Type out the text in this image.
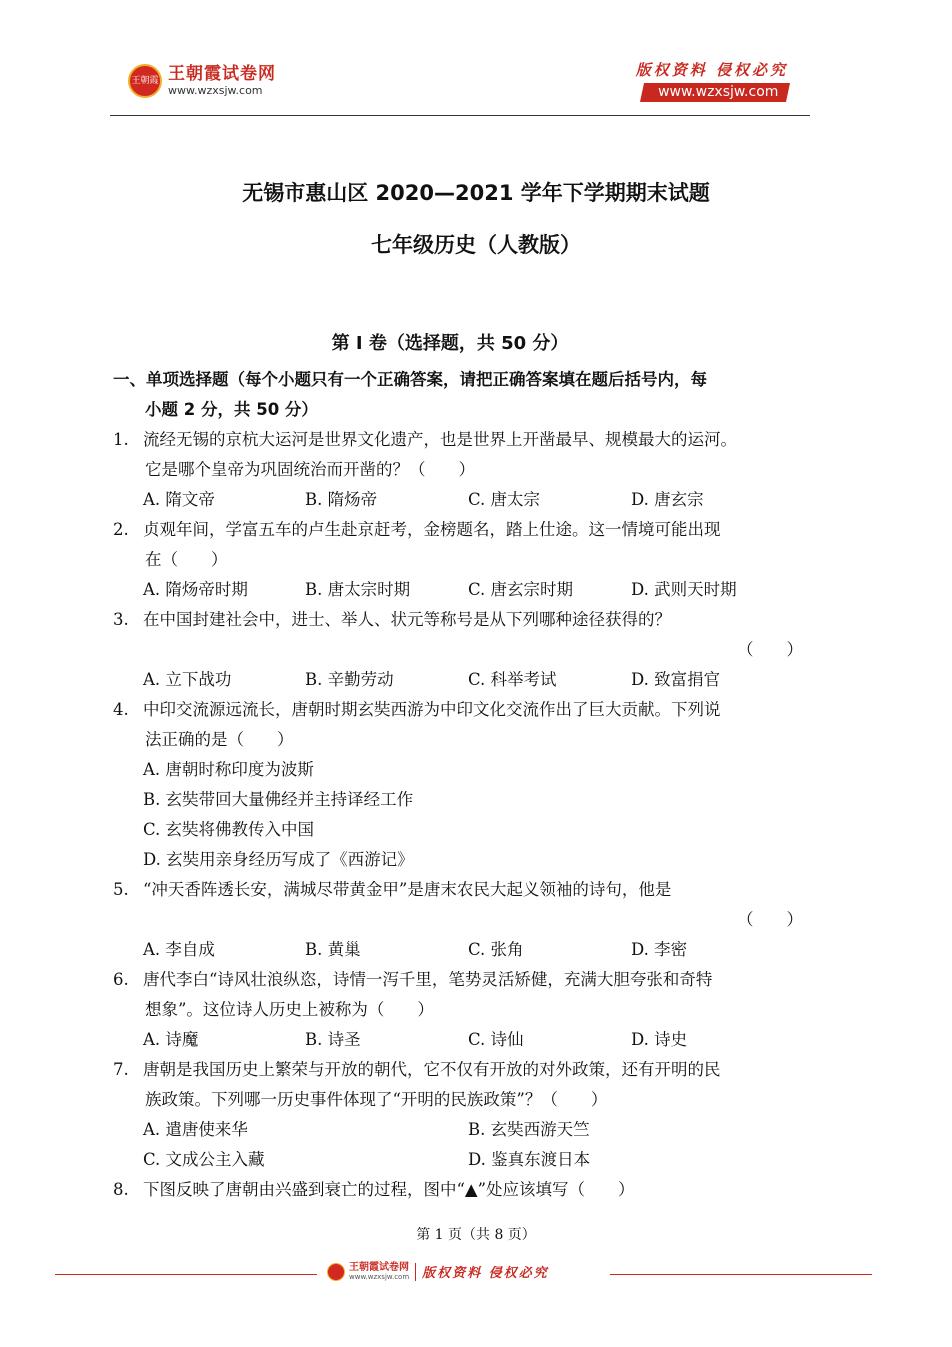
王朝霞 王朝霞试卷网
www.wzxsjw.com
版权资料 侵权必究
www.wzxsjw.com
无锡市惠山区 2020—2021 学年下学期期末试题
七年级历史（人教版）
第 I 卷（选择题，共 50 分）
一、单项选择题（每个小题只有一个正确答案，请把正确答案填在题后括号内，每
小题 2 分，共 50 分）
1. 流经无锡的京杭大运河是世界文化遗产，也是世界上开凿最早、规模最大的运河。
它是哪个皇帝为巩固统治而开凿的？（　　）
A. 隋文帝	B. 隋炀帝	C. 唐太宗	D. 唐玄宗
2. 贞观年间，学富五车的卢生赴京赶考，金榜题名，踏上仕途。这一情境可能出现
在（　　）
A. 隋炀帝时期	B. 唐太宗时期	C. 唐玄宗时期	D. 武则天时期
3. 在中国封建社会中，进士、举人、状元等称号是从下列哪种途径获得的？
（　　）
A. 立下战功	B. 辛勤劳动	C. 科举考试	D. 致富捐官
4. 中印交流源远流长，唐朝时期玄奘西游为中印文化交流作出了巨大贡献。下列说
法正确的是（　　）
A. 唐朝时称印度为波斯
B. 玄奘带回大量佛经并主持译经工作
C. 玄奘将佛教传入中国
D. 玄奘用亲身经历写成了《西游记》
5. “冲天香阵透长安，满城尽带黄金甲”是唐末农民大起义领袖的诗句，他是
（　　）
A. 李自成	B. 黄巢	C. 张角	D. 李密
6. 唐代李白“诗风壮浪纵恣，诗情一泻千里，笔势灵活矫健，充满大胆夸张和奇特
想象”。这位诗人历史上被称为（　　）
A. 诗魔	B. 诗圣	C. 诗仙	D. 诗史
7. 唐朝是我国历史上繁荣与开放的朝代，它不仅有开放的对外政策，还有开明的民
族政策。下列哪一历史事件体现了“开明的民族政策”？（　　）
A. 遣唐使来华	B. 玄奘西游天竺
C. 文成公主入藏	D. 鉴真东渡日本
8. 下图反映了唐朝由兴盛到衰亡的过程，图中“▲”处应该填写（　　）
第 1 页（共 8 页）
王朝霞试卷网
www.wzxsjw.com 版权资料 侵权必究
